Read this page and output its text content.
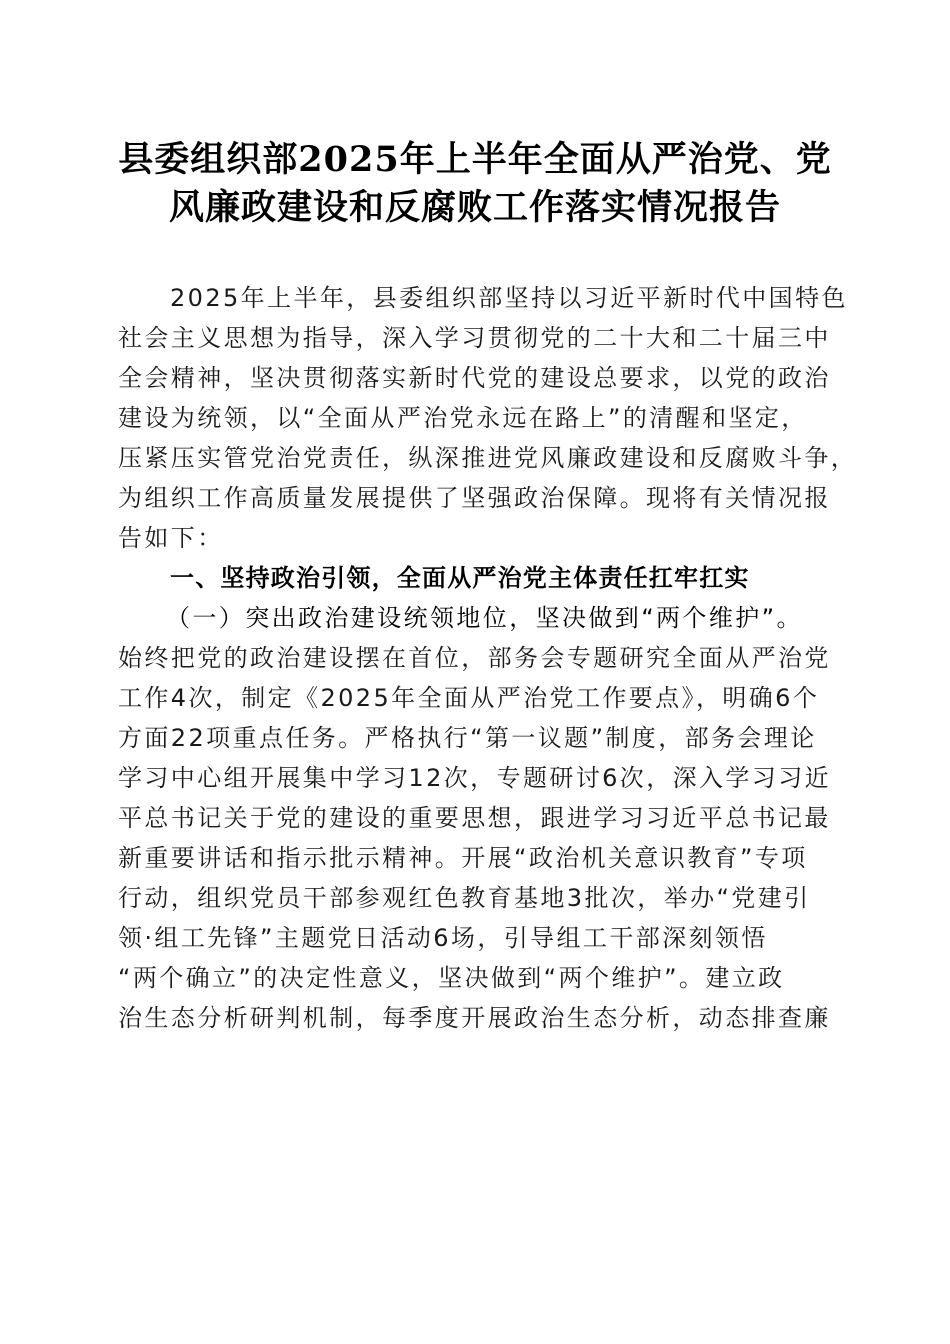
县委组织部2025年上半年全面从严治党、党
风廉政建设和反腐败工作落实情况报告
2025年上半年，县委组织部坚持以习近平新时代中国特色
社会主义思想为指导，深入学习贯彻党的二十大和二十届三中
全会精神，坚决贯彻落实新时代党的建设总要求，以党的政治
建设为统领，以“全面从严治党永远在路上”的清醒和坚定，
压紧压实管党治党责任，纵深推进党风廉政建设和反腐败斗争，
为组织工作高质量发展提供了坚强政治保障。现将有关情况报
告如下：
一、坚持政治引领，全面从严治党主体责任扛牢扛实
（一）突出政治建设统领地位，坚决做到“两个维护”。
始终把党的政治建设摆在首位，部务会专题研究全面从严治党
工作4次，制定《2025年全面从严治党工作要点》，明确6个
方面22项重点任务。严格执行“第一议题”制度，部务会理论
学习中心组开展集中学习12次，专题研讨6次，深入学习习近
平总书记关于党的建设的重要思想，跟进学习习近平总书记最
新重要讲话和指示批示精神。开展“政治机关意识教育”专项
行动，组织党员干部参观红色教育基地3批次，举办“党建引
领·组工先锋”主题党日活动6场，引导组工干部深刻领悟
“两个确立”的决定性意义，坚决做到“两个维护”。建立政
治生态分析研判机制，每季度开展政治生态分析，动态排查廉
